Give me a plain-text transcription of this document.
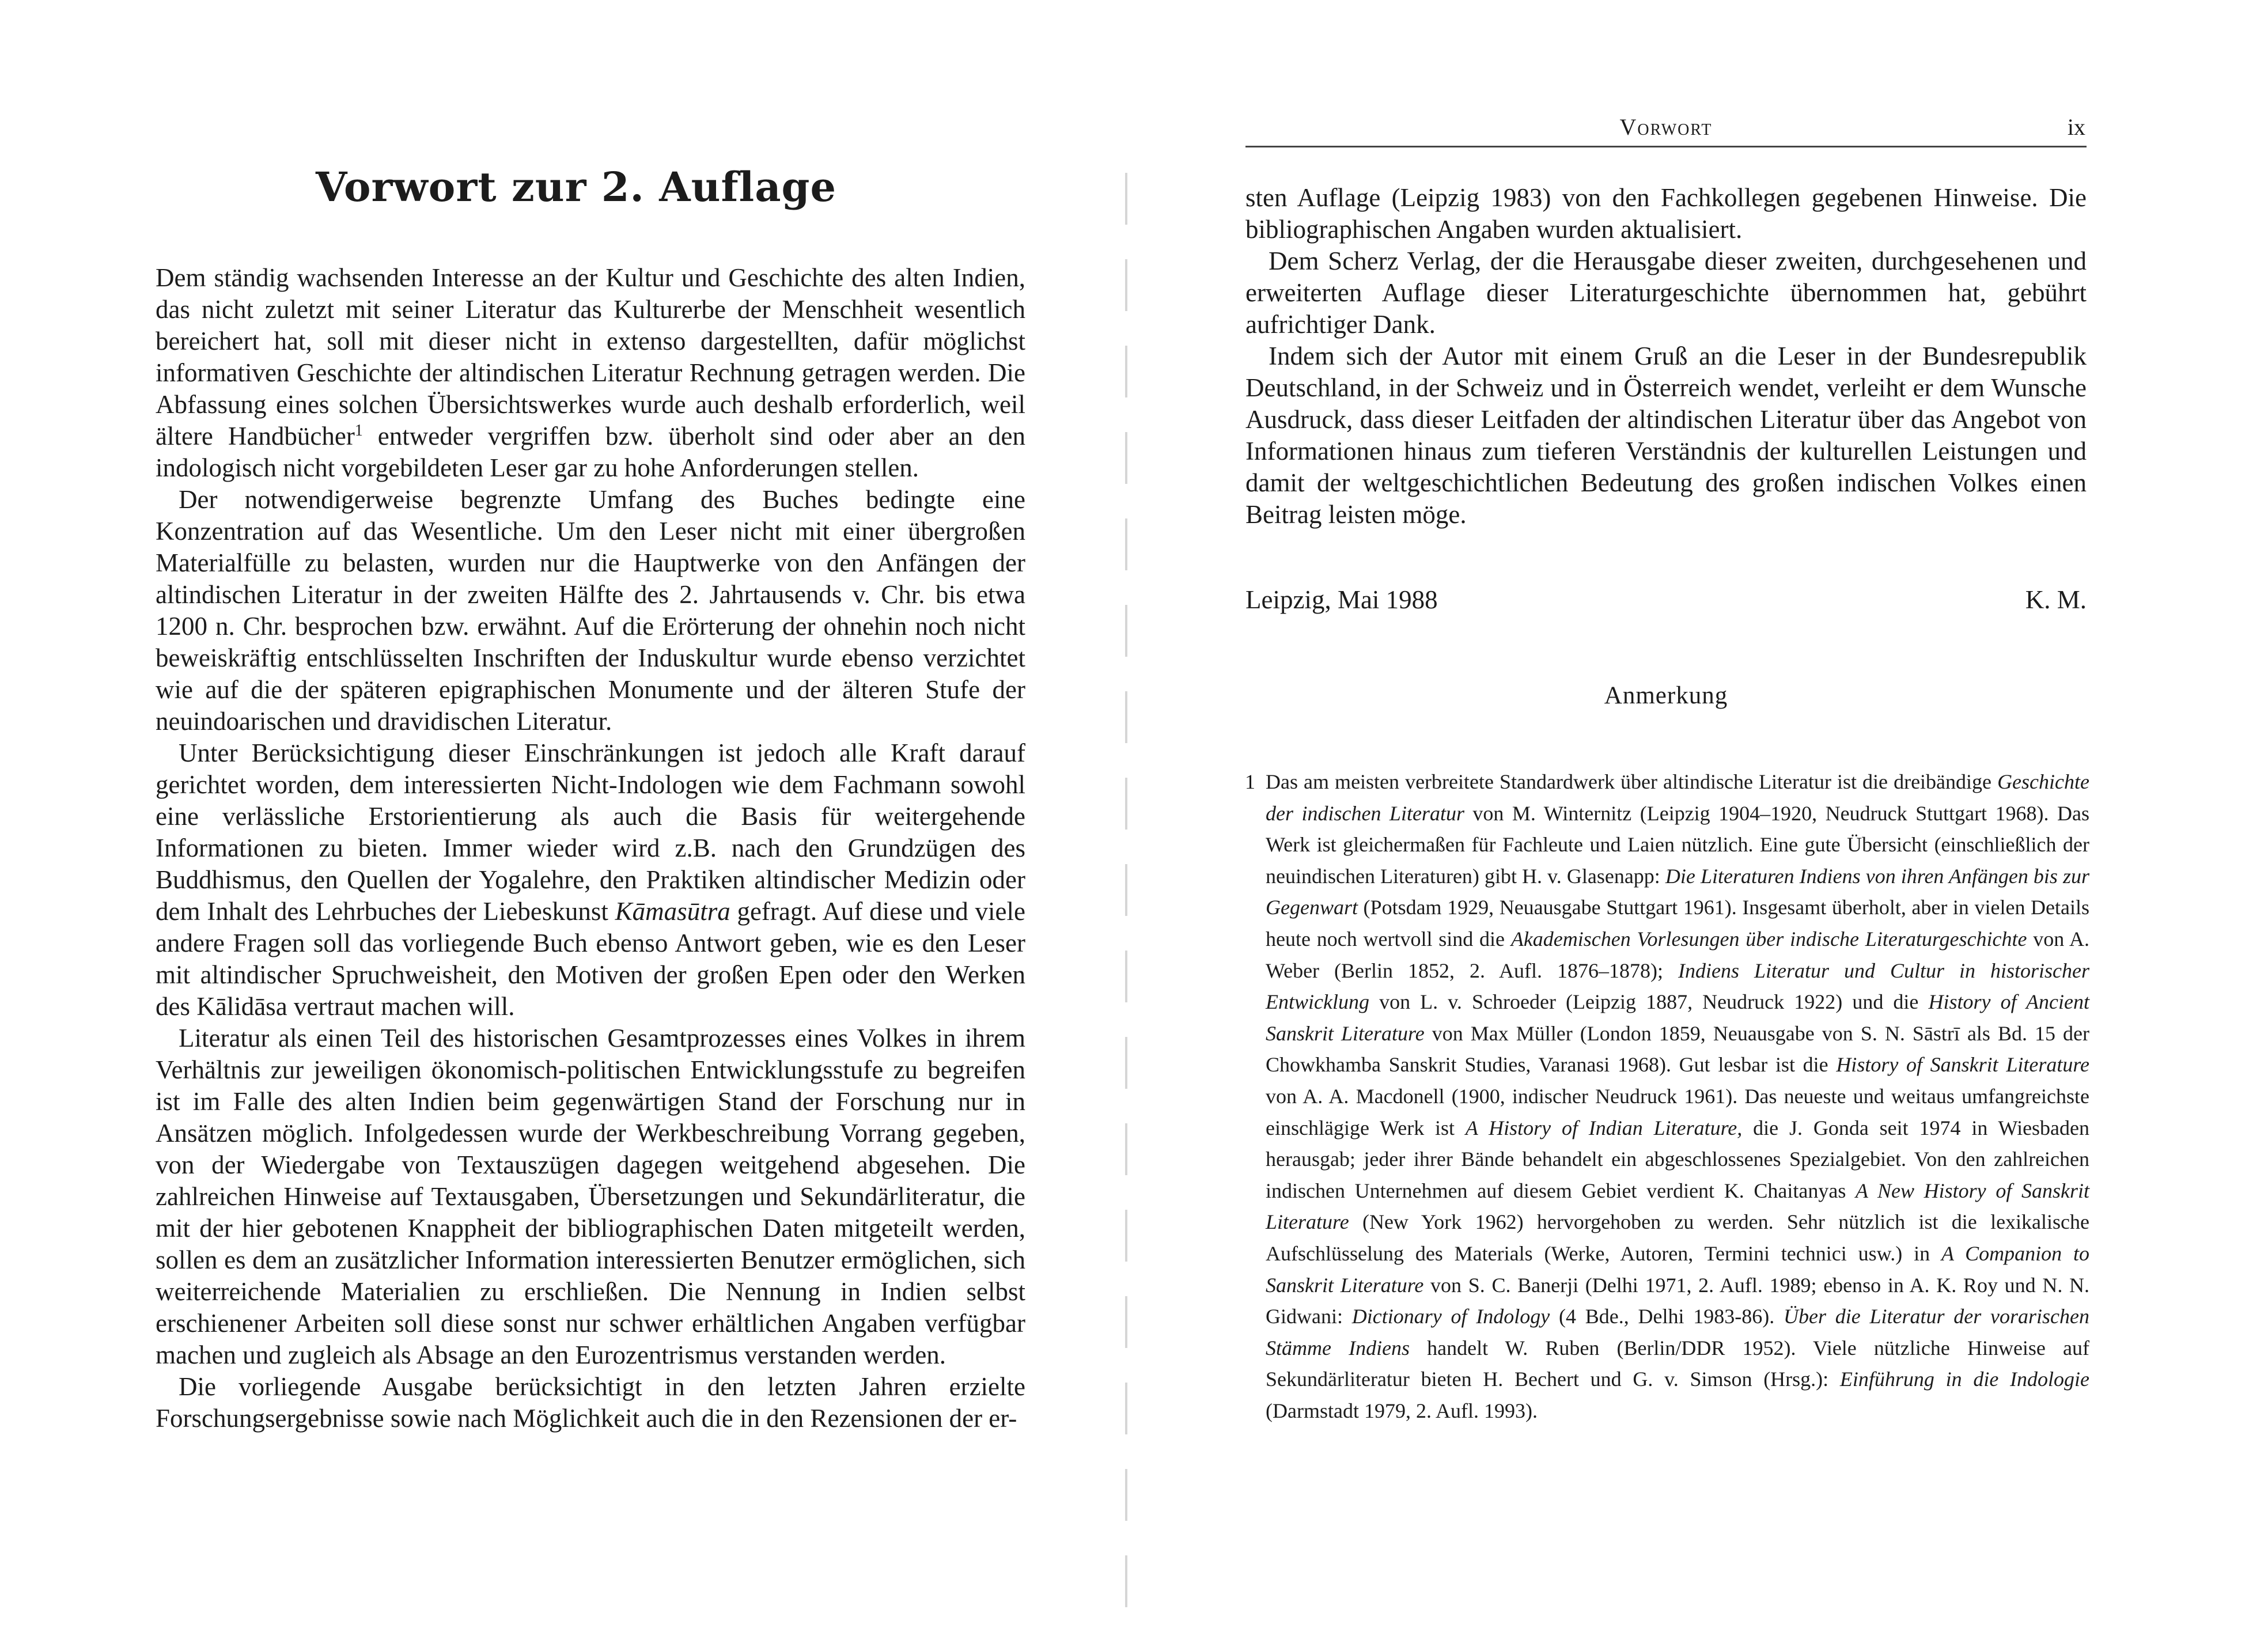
Vorwort zur 2. Auflage

Dem ständig wachsenden Interesse an der Kultur und Geschichte des alten Indien, das nicht zuletzt mit seiner Literatur das Kulturerbe der Menschheit wesentlich bereichert hat, soll mit dieser nicht in extenso dargestellten, dafür möglichst informativen Geschichte der altindischen Literatur Rechnung getragen werden. Die Abfassung eines solchen Übersichtswerkes wurde auch deshalb erforderlich, weil ältere Handbücher$^1$ entweder vergriffen bzw. überholt sind oder aber an den indologisch nicht vorgebildeten Leser gar zu hohe Anforderungen stellen.

Der notwendigerweise begrenzte Umfang des Buches bedingte eine Konzentration auf das Wesentliche. Um den Leser nicht mit einer übergroßen Materialfülle zu belasten, wurden nur die Hauptwerke von den Anfängen der altindischen Literatur in der zweiten Hälfte des 2. Jahrtausends v. Chr. bis etwa 1200 n. Chr. besprochen bzw. erwähnt. Auf die Erörterung der ohnehin noch nicht beweiskräftig entschlüsselten Inschriften der Induskultur wurde ebenso verzichtet wie auf die der späteren epigraphischen Monumente und der älteren Stufe der neuindoarischen und dravidischen Literatur.

Unter Berücksichtigung dieser Einschränkungen ist jedoch alle Kraft darauf gerichtet worden, dem interessierten Nicht-Indologen wie dem Fachmann sowohl eine verlässliche Erstorientierung als auch die Basis für weitergehende Informationen zu bieten. Immer wieder wird z.B. nach den Grundzügen des Buddhismus, den Quellen der Yogalehre, den Praktiken altindischer Medizin oder dem Inhalt des Lehrbuches der Liebeskunst Kāmasūtra gefragt. Auf diese und viele andere Fragen soll das vorliegende Buch ebenso Antwort geben, wie es den Leser mit altindischer Spruchweisheit, den Motiven der großen Epen oder den Werken des Kālidāsa vertraut machen will.

Literatur als einen Teil des historischen Gesamtprozesses eines Volkes in ihrem Verhältnis zur jeweiligen ökonomisch-politischen Entwicklungsstufe zu begreifen ist im Falle des alten Indien beim gegenwärtigen Stand der Forschung nur in Ansätzen möglich. Infolgedessen wurde der Werkbeschreibung Vorrang gegeben, von der Wiedergabe von Textauszügen dagegen weitgehend abgesehen. Die zahlreichen Hinweise auf Textausgaben, Übersetzungen und Sekundärliteratur, die mit der hier gebotenen Knappheit der bibliographischen Daten mitgeteilt werden, sollen es dem an zusätzlicher Information interessierten Benutzer ermöglichen, sich weiterreichende Materialien zu erschließen. Die Nennung in Indien selbst erschienener Arbeiten soll diese sonst nur schwer erhältlichen Angaben verfügbar machen und zugleich als Absage an den Eurozentrismus verstanden werden.

Die vorliegende Ausgabe berücksichtigt in den letzten Jahren erzielte Forschungsergebnisse sowie nach Möglichkeit auch die in den Rezensionen der er-

Vorwort	ix

sten Auflage (Leipzig 1983) von den Fachkollegen gegebenen Hinweise. Die bibliographischen Angaben wurden aktualisiert.

Dem Scherz Verlag, der die Herausgabe dieser zweiten, durchgesehenen und erweiterten Auflage dieser Literaturgeschichte übernommen hat, gebührt aufrichtiger Dank.

Indem sich der Autor mit einem Gruß an die Leser in der Bundesrepublik Deutschland, in der Schweiz und in Österreich wendet, verleiht er dem Wunsche Ausdruck, dass dieser Leitfaden der altindischen Literatur über das Angebot von Informationen hinaus zum tieferen Verständnis der kulturellen Leistungen und damit der weltgeschichtlichen Bedeutung des großen indischen Volkes einen Beitrag leisten möge.

Leipzig, Mai 1988	K. M.
Anmerkung
1 Das am meisten verbreitete Standardwerk über altindische Literatur ist die dreibändige Geschichte der indischen Literatur von M. Winternitz (Leipzig 1904–1920, Neudruck Stuttgart 1968). Das Werk ist gleichermaßen für Fachleute und Laien nützlich. Eine gute Übersicht (einschließlich der neuindischen Literaturen) gibt H. v. Glasenapp: Die Literaturen Indiens von ihren Anfängen bis zur Gegenwart (Potsdam 1929, Neuausgabe Stuttgart 1961). Insgesamt überholt, aber in vielen Details heute noch wertvoll sind die Akademischen Vorlesungen über indische Literaturgeschichte von A. Weber (Berlin 1852, 2. Aufl. 1876–1878); Indiens Literatur und Cultur in historischer Entwicklung von L. v. Schroeder (Leipzig 1887, Neudruck 1922) und die History of Ancient Sanskrit Literature von Max Müller (London 1859, Neuausgabe von S. N. Sāstrī als Bd. 15 der Chowkhamba Sanskrit Studies, Varanasi 1968). Gut lesbar ist die History of Sanskrit Literature von A. A. Macdonell (1900, indischer Neudruck 1961). Das neueste und weitaus umfangreichste einschlägige Werk ist A History of Indian Literature, die J. Gonda seit 1974 in Wiesbaden herausgab; jeder ihrer Bände behandelt ein abgeschlossenes Spezialgebiet. Von den zahlreichen indischen Unternehmen auf diesem Gebiet verdient K. Chaitanyas A New History of Sanskrit Literature (New York 1962) hervorgehoben zu werden. Sehr nützlich ist die lexikalische Aufschlüsselung des Materials (Werke, Autoren, Termini technici usw.) in A Companion to Sanskrit Literature von S. C. Banerji (Delhi 1971, 2. Aufl. 1989; ebenso in A. K. Roy und N. N. Gidwani: Dictionary of Indology (4 Bde., Delhi 1983-86). Über die Literatur der vorarischen Stämme Indiens handelt W. Ruben (Berlin/DDR 1952). Viele nützliche Hinweise auf Sekundärliteratur bieten H. Bechert und G. v. Simson (Hrsg.): Einführung in die Indologie (Darmstadt 1979, 2. Aufl. 1993).
